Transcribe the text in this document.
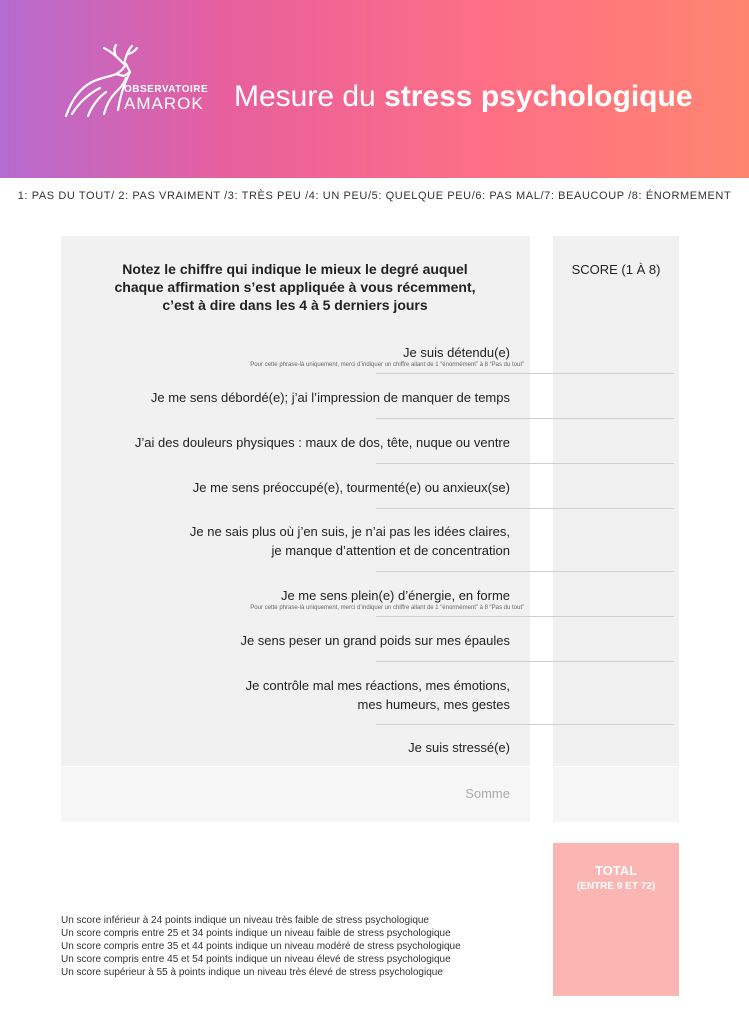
OBSERVATOIRE
AMAROK Mesure du stress psychologique
1: PAS DU TOUT/ 2: PAS VRAIMENT /3: TRÈS PEU /4: UN PEU/5: QUELQUE PEU/6: PAS MAL/7: BEAUCOUP /8: ÉNORMEMENT
Notez le chiffre qui indique le mieux le degré auquel
chaque affirmation s’est appliquée à vous récemment,
c’est à dire dans les 4 à 5 derniers jours
SCORE (1 À 8)
Je suis détendu(e)
Pour cette phrase-là uniquement, merci d’indiquer un chiffre allant de 1 “énormément” à 8 “Pas du tout”
Je me sens débordé(e); j’ai l’impression de manquer de temps
J’ai des douleurs physiques : maux de dos, tête, nuque ou ventre
Je me sens préoccupé(e), tourmenté(e) ou anxieux(se)
Je ne sais plus où j’en suis, je n’ai pas les idées claires,
je manque d’attention et de concentration
Je me sens plein(e) d’énergie, en forme
Pour cette phrase-là uniquement, merci d’indiquer un chiffre allant de 1 “énormément” à 8 “Pas du tout”
Je sens peser un grand poids sur mes épaules
Je contrôle mal mes réactions, mes émotions,
mes humeurs, mes gestes
Je suis stressé(e)
Somme
TOTAL
(ENTRE 9 ET 72)
Un score inférieur à 24 points indique un niveau très faible de stress psychologique
Un score compris entre 25 et 34 points indique un niveau faible de stress psychologique
Un score compris entre 35 et 44 points indique un niveau modéré de stress psychologique
Un score compris entre 45 et 54 points indique un niveau élevé de stress psychologique
Un score supérieur à 55 à points indique un niveau très élevé de stress psychologique
